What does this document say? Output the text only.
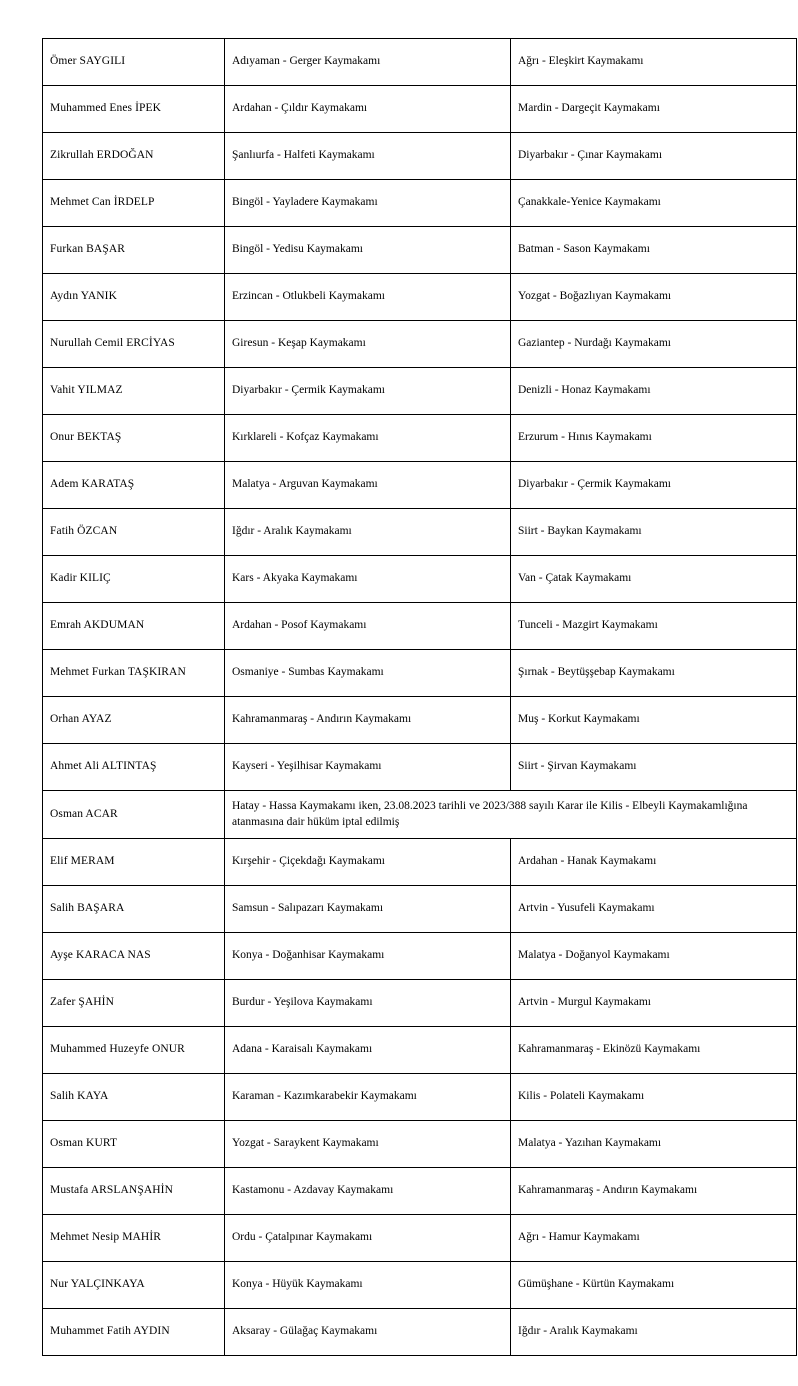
Ömer SAYGILI	Adıyaman - Gerger Kaymakamı	Ağrı - Eleşkirt Kaymakamı

Muhammed Enes İPEK	Ardahan - Çıldır Kaymakamı	Mardin - Dargeçit Kaymakamı

Zikrullah ERDOĞAN	Şanlıurfa - Halfeti Kaymakamı	Diyarbakır - Çınar Kaymakamı

Mehmet Can İRDELP	Bingöl - Yayladere Kaymakamı	Çanakkale-Yenice Kaymakamı

Furkan BAŞAR	Bingöl - Yedisu Kaymakamı	Batman - Sason Kaymakamı

Aydın YANIK	Erzincan - Otlukbeli Kaymakamı	Yozgat - Boğazlıyan Kaymakamı

Nurullah Cemil ERCİYAS	Giresun - Keşap Kaymakamı	Gaziantep - Nurdağı Kaymakamı

Vahit YILMAZ	Diyarbakır - Çermik Kaymakamı	Denizli - Honaz Kaymakamı

Onur BEKTAŞ	Kırklareli - Kofçaz Kaymakamı	Erzurum - Hınıs Kaymakamı

Adem KARATAŞ	Malatya - Arguvan Kaymakamı	Diyarbakır - Çermik Kaymakamı

Fatih ÖZCAN	Iğdır - Aralık Kaymakamı	Siirt - Baykan Kaymakamı

Kadir KILIÇ	Kars - Akyaka Kaymakamı	Van - Çatak Kaymakamı

Emrah AKDUMAN	Ardahan - Posof Kaymakamı	Tunceli - Mazgirt Kaymakamı

Mehmet Furkan TAŞKIRAN	Osmaniye - Sumbas Kaymakamı	Şırnak - Beytüşşebap Kaymakamı

Orhan AYAZ	Kahramanmaraş - Andırın Kaymakamı	Muş - Korkut Kaymakamı

Ahmet Ali ALTINTAŞ	Kayseri - Yeşilhisar Kaymakamı	Siirt - Şirvan Kaymakamı

Osman ACAR	Hatay - Hassa Kaymakamı iken, 23.08.2023 tarihli ve 2023/388 sayılı Karar ile Kilis - Elbeyli Kaymakamlığına atanmasına dair hüküm iptal edilmiş	

Elif MERAM	Kırşehir - Çiçekdağı Kaymakamı	Ardahan - Hanak Kaymakamı

Salih BAŞARA	Samsun - Salıpazarı Kaymakamı	Artvin - Yusufeli Kaymakamı

Ayşe KARACA NAS	Konya - Doğanhisar Kaymakamı	Malatya - Doğanyol Kaymakamı

Zafer ŞAHİN	Burdur - Yeşilova Kaymakamı	Artvin - Murgul Kaymakamı

Muhammed Huzeyfe ONUR	Adana - Karaisalı Kaymakamı	Kahramanmaraş - Ekinözü Kaymakamı

Salih KAYA	Karaman - Kazımkarabekir Kaymakamı	Kilis - Polateli Kaymakamı

Osman KURT	Yozgat - Saraykent Kaymakamı	Malatya - Yazıhan Kaymakamı

Mustafa ARSLANŞAHİN	Kastamonu - Azdavay Kaymakamı	Kahramanmaraş - Andırın Kaymakamı

Mehmet Nesip MAHİR	Ordu - Çatalpınar Kaymakamı	Ağrı - Hamur Kaymakamı

Nur YALÇINKAYA	Konya - Hüyük Kaymakamı	Gümüşhane - Kürtün Kaymakamı

Muhammet Fatih AYDIN	Aksaray - Gülağaç Kaymakamı	Iğdır - Aralık Kaymakamı
